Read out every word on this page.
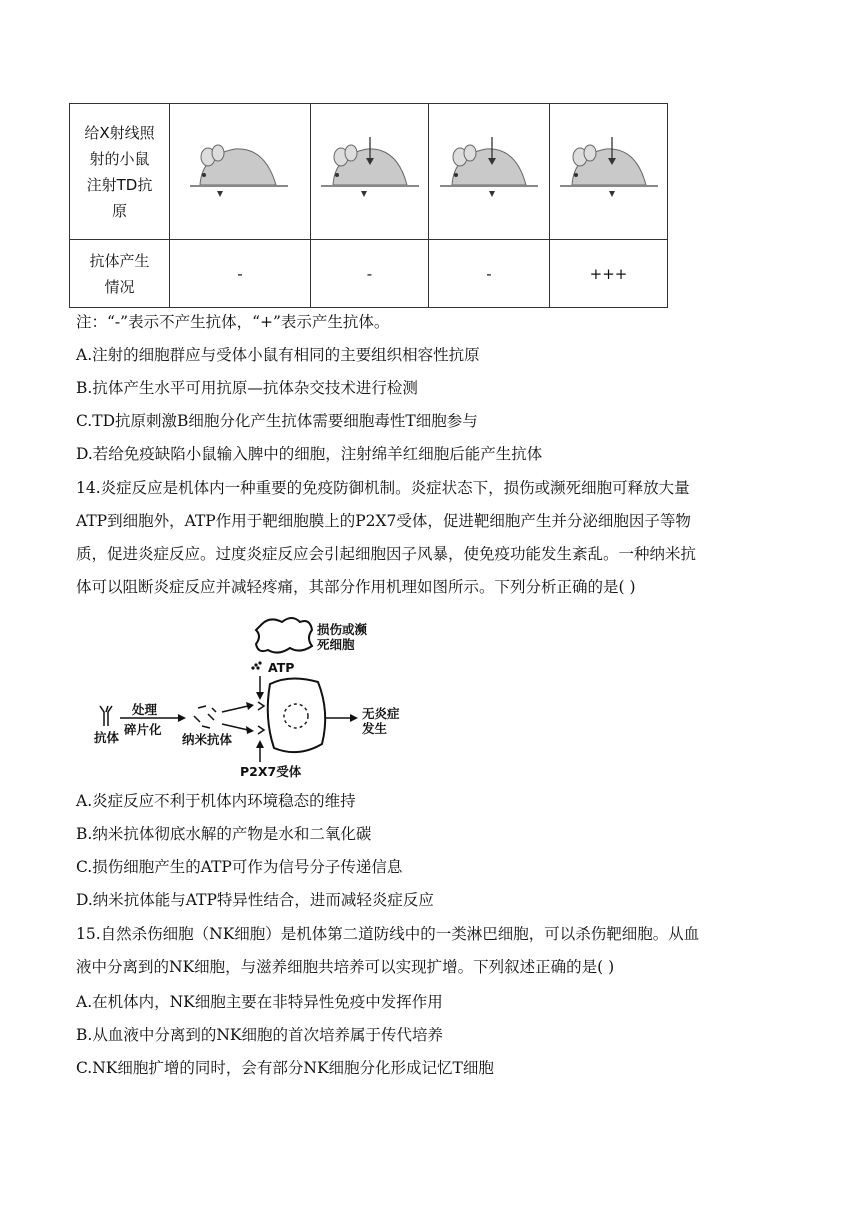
给X射线照
射的小鼠
注射TD抗
原

抗体产生
情况	-	-	-	+++
注：“-”表示不产生抗体，“+”表示产生抗体。
A.注射的细胞群应与受体小鼠有相同的主要组织相容性抗原
B.抗体产生水平可用抗原—抗体杂交技术进行检测
C.TD抗原刺激B细胞分化产生抗体需要细胞毒性T细胞参与
D.若给免疫缺陷小鼠输入脾中的细胞，注射绵羊红细胞后能产生抗体
14.炎症反应是机体内一种重要的免疫防御机制。炎症状态下，损伤或濒死细胞可释放大量
ATP到细胞外，ATP作用于靶细胞膜上的P2X7受体，促进靶细胞产生并分泌细胞因子等物
质，促进炎症反应。过度炎症反应会引起细胞因子风暴，使免疫功能发生紊乱。一种纳米抗
体可以阻断炎症反应并减轻疼痛，其部分作用机理如图所示。下列分析正确的是( )
损伤或濒
死细胞
ATP
处理
碎片化
抗体	纳米抗体
无炎症
发生
P2X7受体
A.炎症反应不利于机体内环境稳态的维持
B.纳米抗体彻底水解的产物是水和二氧化碳
C.损伤细胞产生的ATP可作为信号分子传递信息
D.纳米抗体能与ATP特异性结合，进而减轻炎症反应
15.自然杀伤细胞（NK细胞）是机体第二道防线中的一类淋巴细胞，可以杀伤靶细胞。从血
液中分离到的NK细胞，与滋养细胞共培养可以实现扩增。下列叙述正确的是( )
A.在机体内，NK细胞主要在非特异性免疫中发挥作用
B.从血液中分离到的NK细胞的首次培养属于传代培养
C.NK细胞扩增的同时，会有部分NK细胞分化形成记忆T细胞
